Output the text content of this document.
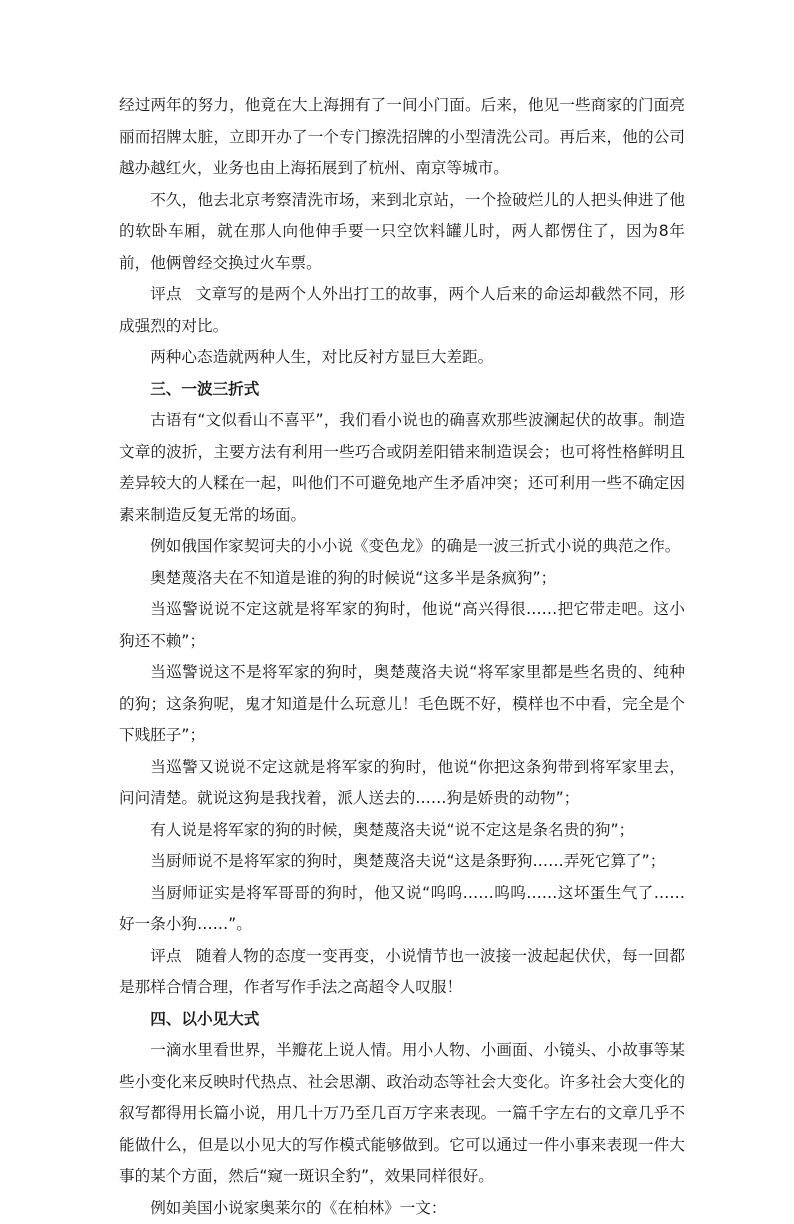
经过两年的努力，他竟在大上海拥有了一间小门面。后来，他见一些商家的门面亮丽而招牌太脏，立即开办了一个专门擦洗招牌的小型清洗公司。再后来，他的公司越办越红火，业务也由上海拓展到了杭州、南京等城市。

不久，他去北京考察清洗市场，来到北京站，一个捡破烂儿的人把头伸进了他的软卧车厢，就在那人向他伸手要一只空饮料罐儿时，两人都愣住了，因为8年前，他俩曾经交换过火车票。

评点 文章写的是两个人外出打工的故事，两个人后来的命运却截然不同，形成强烈的对比。

两种心态造就两种人生，对比反衬方显巨大差距。

三、一波三折式

古语有“文似看山不喜平”，我们看小说也的确喜欢那些波澜起伏的故事。制造文章的波折，主要方法有利用一些巧合或阴差阳错来制造误会；也可将性格鲜明且差异较大的人糅在一起，叫他们不可避免地产生矛盾冲突；还可利用一些不确定因素来制造反复无常的场面。

例如俄国作家契诃夫的小小说《变色龙》的确是一波三折式小说的典范之作。

奥楚蔑洛夫在不知道是谁的狗的时候说“这多半是条疯狗”；

当巡警说说不定这就是将军家的狗时，他说“高兴得很……把它带走吧。这小狗还不赖”；

当巡警说这不是将军家的狗时，奥楚蔑洛夫说“将军家里都是些名贵的、纯种的狗；这条狗呢，鬼才知道是什么玩意儿！毛色既不好，模样也不中看，完全是个下贱胚子”；

当巡警又说说不定这就是将军家的狗时，他说“你把这条狗带到将军家里去，问问清楚。就说这狗是我找着，派人送去的……狗是娇贵的动物”；

有人说是将军家的狗的时候，奥楚蔑洛夫说“说不定这是条名贵的狗”；

当厨师说不是将军家的狗时，奥楚蔑洛夫说“这是条野狗……弄死它算了”；

当厨师证实是将军哥哥的狗时，他又说“呜呜……呜呜……这坏蛋生气了……好一条小狗……”。

评点 随着人物的态度一变再变，小说情节也一波接一波起起伏伏，每一回都是那样合情合理，作者写作手法之高超令人叹服！

四、以小见大式

一滴水里看世界，半瓣花上说人情。用小人物、小画面、小镜头、小故事等某些小变化来反映时代热点、社会思潮、政治动态等社会大变化。许多社会大变化的叙写都得用长篇小说，用几十万乃至几百万字来表现。一篇千字左右的文章几乎不能做什么，但是以小见大的写作模式能够做到。它可以通过一件小事来表现一件大事的某个方面，然后“窥一斑识全豹”，效果同样很好。

例如美国小说家奥莱尔的《在柏林》一文：
